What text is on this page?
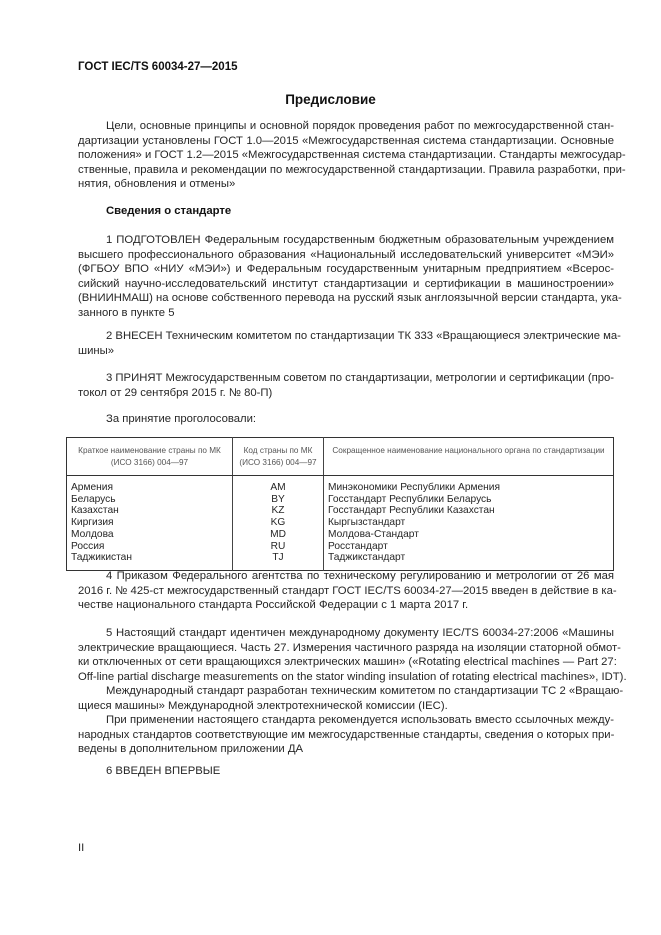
ГОСТ IEC/TS 60034-27—2015
Предисловие
Цели, основные принципы и основной порядок проведения работ по межгосударственной стан-
дартизации установлены ГОСТ 1.0—2015 «Межгосударственная система стандартизации. Основные
положения» и ГОСТ 1.2—2015 «Межгосударственная система стандартизации. Стандарты межгосудар-
ственные, правила и рекомендации по межгосударственной стандартизации. Правила разработки, при-
нятия, обновления и отмены»
Сведения о стандарте
1 ПОДГОТОВЛЕН Федеральным государственным бюджетным образовательным учреждением
высшего профессионального образования «Национальный исследовательский университет «МЭИ»
(ФГБОУ ВПО «НИУ «МЭИ») и Федеральным государственным унитарным предприятием «Всерос-
сийский научно-исследовательский институт стандартизации и сертификации в машиностроении»
(ВНИИНМАШ) на основе собственного перевода на русский язык англоязычной версии стандарта, ука-
занного в пункте 5
2 ВНЕСЕН Техническим комитетом по стандартизации ТК 333 «Вращающиеся электрические ма-
шины»
3 ПРИНЯТ Межгосударственным советом по стандартизации, метрологии и сертификации (про-
токол от 29 сентября 2015 г. № 80-П)
За принятие проголосовали:
Краткое наименование страны по МК (ИСО 3166) 004—97	Код страны по МК (ИСО 3166) 004—97	Сокращенное наименование национального органа по стандартизации
Армения	AM	Минэкономики Республики Армения
Беларусь	BY	Госстандарт Республики Беларусь
Казахстан	KZ	Госстандарт Республики Казахстан
Киргизия	KG	Кыргызстандарт
Молдова	MD	Молдова-Стандарт
Россия	RU	Росстандарт
Таджикистан	TJ	Таджикстандарт
4 Приказом Федерального агентства по техническому регулированию и метрологии от 26 мая
2016 г. № 425-ст межгосударственный стандарт ГОСТ IEC/TS 60034-27—2015 введен в действие в ка-
честве национального стандарта Российской Федерации с 1 марта 2017 г.
5 Настоящий стандарт идентичен международному документу IEC/TS 60034-27:2006 «Машины
электрические вращающиеся. Часть 27. Измерения частичного разряда на изоляции статорной обмот-
ки отключенных от сети вращающихся электрических машин» («Rotating electrical machines — Part 27:
Off-line partial discharge measurements on the stator winding insulation of rotating electrical machines», IDT).
Международный стандарт разработан техническим комитетом по стандартизации ТС 2 «Вращаю-
щиеся машины» Международной электротехнической комиссии (IEC).
При применении настоящего стандарта рекомендуется использовать вместо ссылочных между-
народных стандартов соответствующие им межгосударственные стандарты, сведения о которых при-
ведены в дополнительном приложении ДА
6 ВВЕДЕН ВПЕРВЫЕ
II
